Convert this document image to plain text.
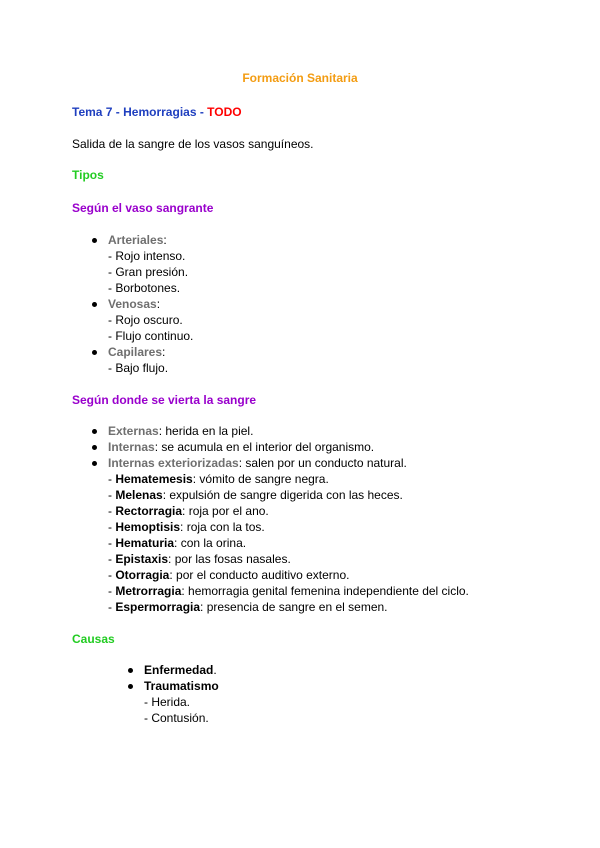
Formación Sanitaria
Tema 7 - Hemorragias - TODO
Salida de la sangre de los vasos sanguíneos.
Tipos
Según el vaso sangrante
Arteriales:
- Rojo intenso.
- Gran presión.
- Borbotones.
Venosas:
- Rojo oscuro.
- Flujo continuo.
Capilares:
- Bajo flujo.
Según donde se vierta la sangre
Externas: herida en la piel.
Internas: se acumula en el interior del organismo.
Internas exteriorizadas: salen por un conducto natural.
- Hematemesis: vómito de sangre negra.
- Melenas: expulsión de sangre digerida con las heces.
- Rectorragia: roja por el ano.
- Hemoptisis: roja con la tos.
- Hematuria: con la orina.
- Epistaxis: por las fosas nasales.
- Otorragia: por el conducto auditivo externo.
- Metrorragia: hemorragia genital femenina independiente del ciclo.
- Espermorragia: presencia de sangre en el semen.
Causas
Enfermedad.
Traumatismo
- Herida.
- Contusión.
